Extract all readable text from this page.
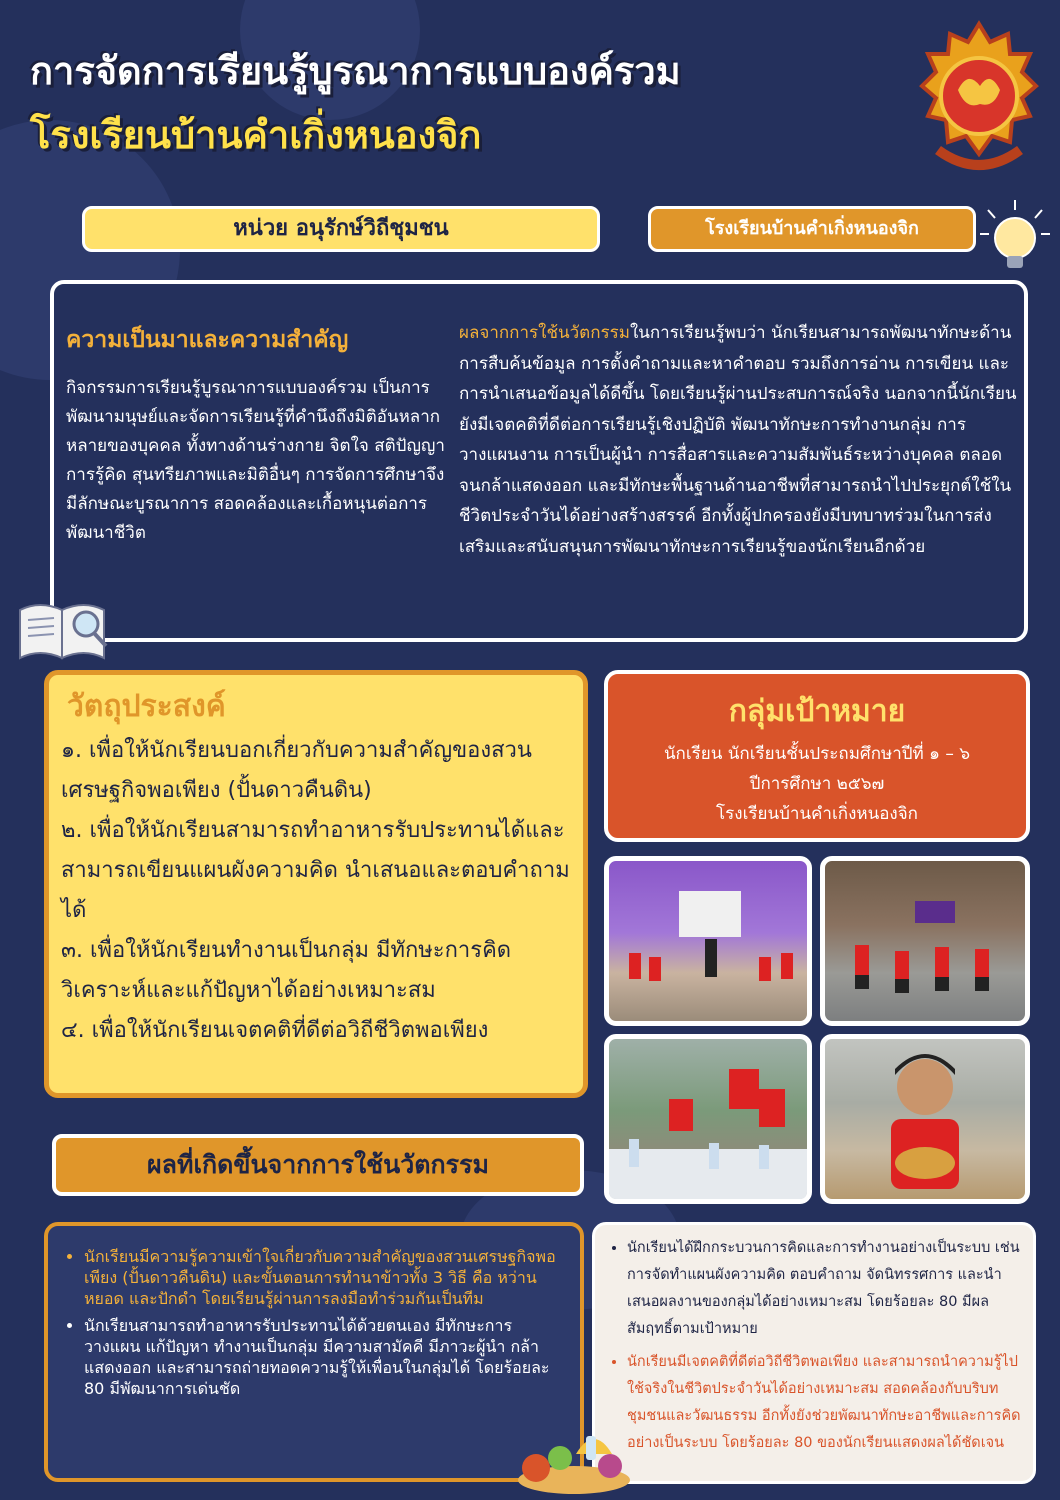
การจัดการเรียนรู้บูรณาการแบบองค์รวม
โรงเรียนบ้านคำเกิ่งหนองจิก
หน่วย อนุรักษ์วิถีชุมชน	โรงเรียนบ้านคำเกิ่งหนองจิก
ความเป็นมาและความสำคัญ
กิจกรรมการเรียนรู้บูรณาการแบบองค์รวม เป็นการพัฒนามนุษย์และจัดการเรียนรู้ที่คำนึงถึงมิติอันหลากหลายของบุคคล ทั้งทางด้านร่างกาย จิตใจ สติปัญญา การรู้คิด สุนทรียภาพและมิติอื่นๆ การจัดการศึกษาจึงมีลักษณะบูรณาการ สอดคล้องและเกื้อหนุนต่อการพัฒนาชีวิต
ผลจากการใช้นวัตกรรมในการเรียนรู้พบว่า นักเรียนสามารถพัฒนาทักษะด้านการสืบค้นข้อมูล การตั้งคำถามและหาคำตอบ รวมถึงการอ่าน การเขียน และการนำเสนอข้อมูลได้ดีขึ้น โดยเรียนรู้ผ่านประสบการณ์จริง นอกจากนี้นักเรียนยังมีเจตคติที่ดีต่อการเรียนรู้เชิงปฏิบัติ พัฒนาทักษะการทำงานกลุ่ม การวางแผนงาน การเป็นผู้นำ การสื่อสารและความสัมพันธ์ระหว่างบุคคล ตลอดจนกล้าแสดงออก และมีทักษะพื้นฐานด้านอาชีพที่สามารถนำไปประยุกต์ใช้ในชีวิตประจำวันได้อย่างสร้างสรรค์ อีกทั้งผู้ปกครองยังมีบทบาทร่วมในการส่งเสริมและสนับสนุนการพัฒนาทักษะการเรียนรู้ของนักเรียนอีกด้วย
วัตถุประสงค์
๑. เพื่อให้นักเรียนบอกเกี่ยวกับความสำคัญของสวนเศรษฐกิจพอเพียง (ปั้นดาวคืนดิน)
๒. เพื่อให้นักเรียนสามารถทำอาหารรับประทานได้และสามารถเขียนแผนผังความคิด นำเสนอและตอบคำถามได้
๓. เพื่อให้นักเรียนทำงานเป็นกลุ่ม มีทักษะการคิดวิเคราะห์และแก้ปัญหาได้อย่างเหมาะสม
๔. เพื่อให้นักเรียนเจตคติที่ดีต่อวิถีชีวิตพอเพียง
กลุ่มเป้าหมาย
นักเรียน นักเรียนชั้นประถมศึกษาปีที่ ๑ – ๖
ปีการศึกษา ๒๕๖๗
โรงเรียนบ้านคำเกิ่งหนองจิก
ผลที่เกิดขึ้นจากการใช้นวัตกรรม
• นักเรียนมีความรู้ความเข้าใจเกี่ยวกับความสำคัญของสวนเศรษฐกิจพอเพียง (ปั้นดาวคืนดิน) และขั้นตอนการทำนาข้าวทั้ง 3 วิธี คือ หว่าน หยอด และปักดำ โดยเรียนรู้ผ่านการลงมือทำร่วมกันเป็นทีม
• นักเรียนสามารถทำอาหารรับประทานได้ด้วยตนเอง มีทักษะการวางแผน แก้ปัญหา ทำงานเป็นกลุ่ม มีความสามัคคี มีภาวะผู้นำ กล้าแสดงออก และสามารถถ่ายทอดความรู้ให้เพื่อนในกลุ่มได้ โดยร้อยละ 80 มีพัฒนาการเด่นชัด
• นักเรียนได้ฝึกกระบวนการคิดและการทำงานอย่างเป็นระบบ เช่น การจัดทำแผนผังความคิด ตอบคำถาม จัดนิทรรศการ และนำเสนอผลงานของกลุ่มได้อย่างเหมาะสม โดยร้อยละ 80 มีผลสัมฤทธิ์ตามเป้าหมาย
• นักเรียนมีเจตคติที่ดีต่อวิถีชีวิตพอเพียง และสามารถนำความรู้ไปใช้จริงในชีวิตประจำวันได้อย่างเหมาะสม สอดคล้องกับบริบทชุมชนและวัฒนธรรม อีกทั้งยังช่วยพัฒนาทักษะอาชีพและการคิดอย่างเป็นระบบ โดยร้อยละ 80 ของนักเรียนแสดงผลได้ชัดเจน
